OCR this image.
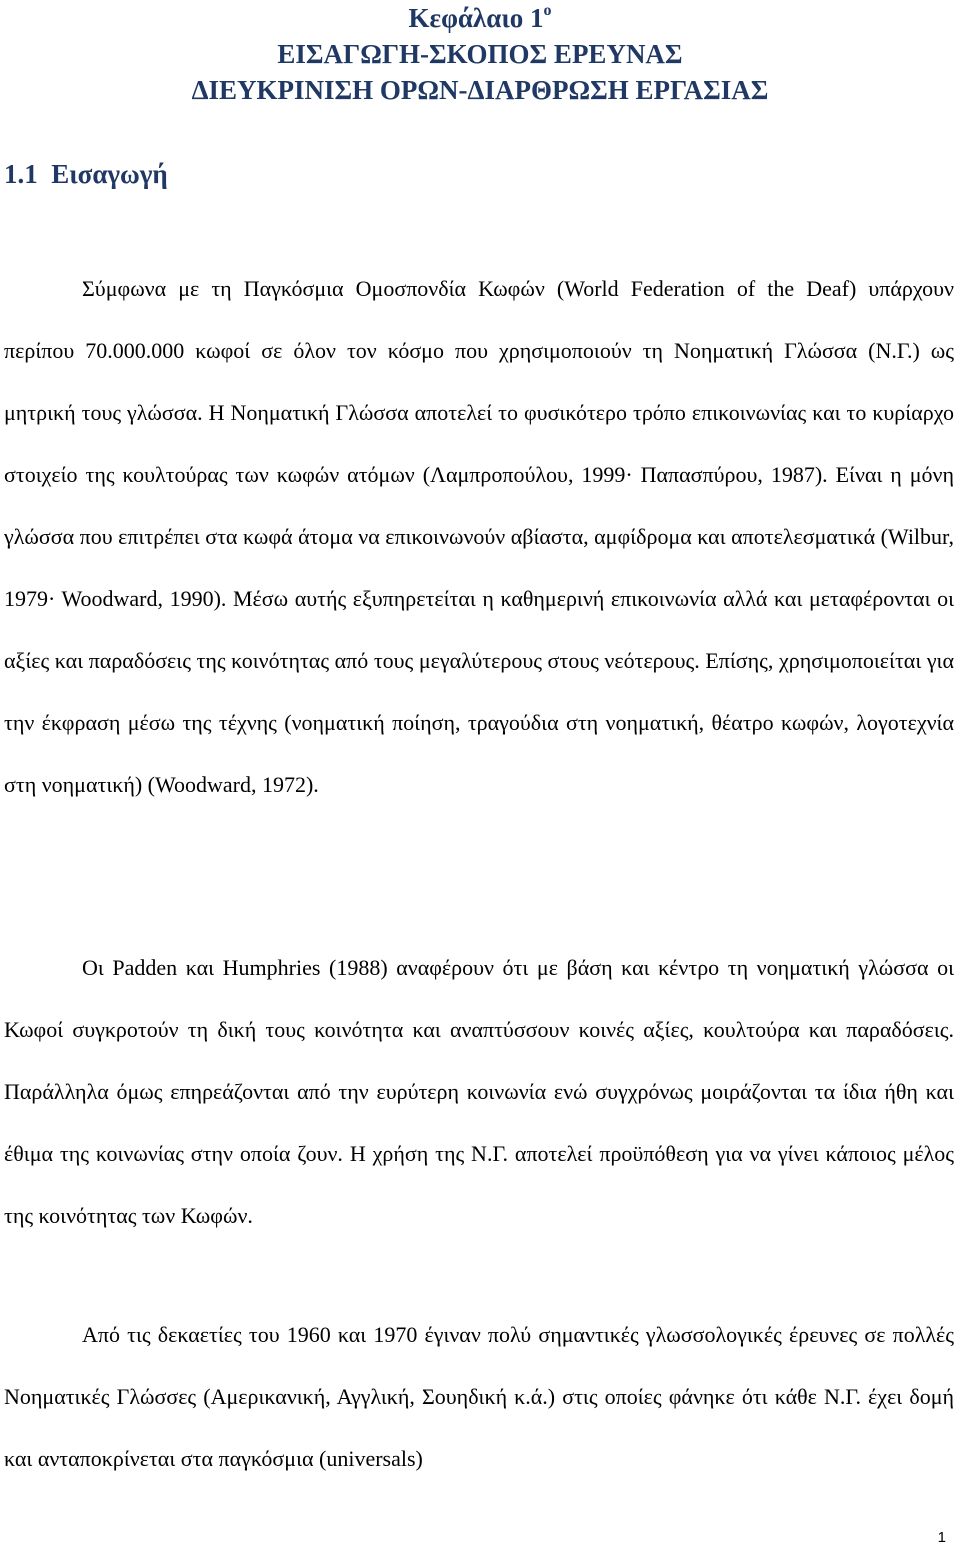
Κεφάλαιο $1^o$
ΕΙΣΑΓΩΓΗ-ΣΚΟΠΟΣ ΕΡΕΥΝΑΣ
ΔΙΕΥΚΡΙΝΙΣΗ ΟΡΩΝ-ΔΙΑΡΘΡΩΣΗ ΕΡΓΑΣΙΑΣ
1.1  Εισαγωγή

Σύμφωνα με τη Παγκόσμια Ομοσπονδία Κωφών (World Federation of the Deaf) υπάρχουν περίπου 70.000.000 κωφοί σε όλον τον κόσμο που χρησιμοποιούν τη Νοηματική Γλώσσα (Ν.Γ.) ως μητρική τους γλώσσα. Η Νοηματική Γλώσσα αποτελεί το φυσικότερο τρόπο επικοινωνίας και το κυρίαρχο στοιχείο της κουλτούρας των κωφών ατόμων (Λαμπροπούλου, 1999· Παπασπύρου, 1987). Είναι η μόνη γλώσσα που επιτρέπει στα κωφά άτομα να επικοινωνούν αβίαστα, αμφίδρομα και αποτελεσματικά (Wilbur, 1979· Woodward, 1990). Μέσω αυτής εξυπηρετείται η καθημερινή επικοινωνία αλλά και μεταφέρονται οι αξίες και παραδόσεις της κοινότητας από τους μεγαλύτερους στους νεότερους. Επίσης, χρησιμοποιείται για την έκφραση μέσω της τέχνης (νοηματική ποίηση, τραγούδια στη νοηματική, θέατρο κωφών, λογοτεχνία στη νοηματική) (Woodward, 1972).

Οι Padden και Humphries (1988) αναφέρουν ότι με βάση και κέντρο τη νοηματική γλώσσα οι Κωφοί συγκροτούν τη δική τους κοινότητα και αναπτύσσουν κοινές αξίες, κουλτούρα και παραδόσεις. Παράλληλα όμως επηρεάζονται από την ευρύτερη κοινωνία ενώ συγχρόνως μοιράζονται τα ίδια ήθη και έθιμα της κοινωνίας στην οποία ζουν. Η χρήση της Ν.Γ. αποτελεί προϋπόθεση για να γίνει κάποιος μέλος της κοινότητας των Κωφών.

Από τις δεκαετίες του 1960 και 1970 έγιναν πολύ σημαντικές γλωσσολογικές έρευνες σε πολλές Νοηματικές Γλώσσες (Αμερικανική, Αγγλική, Σουηδική κ.ά.) στις οποίες φάνηκε ότι κάθε Ν.Γ. έχει δομή και ανταποκρίνεται στα παγκόσμια (universals)

1
